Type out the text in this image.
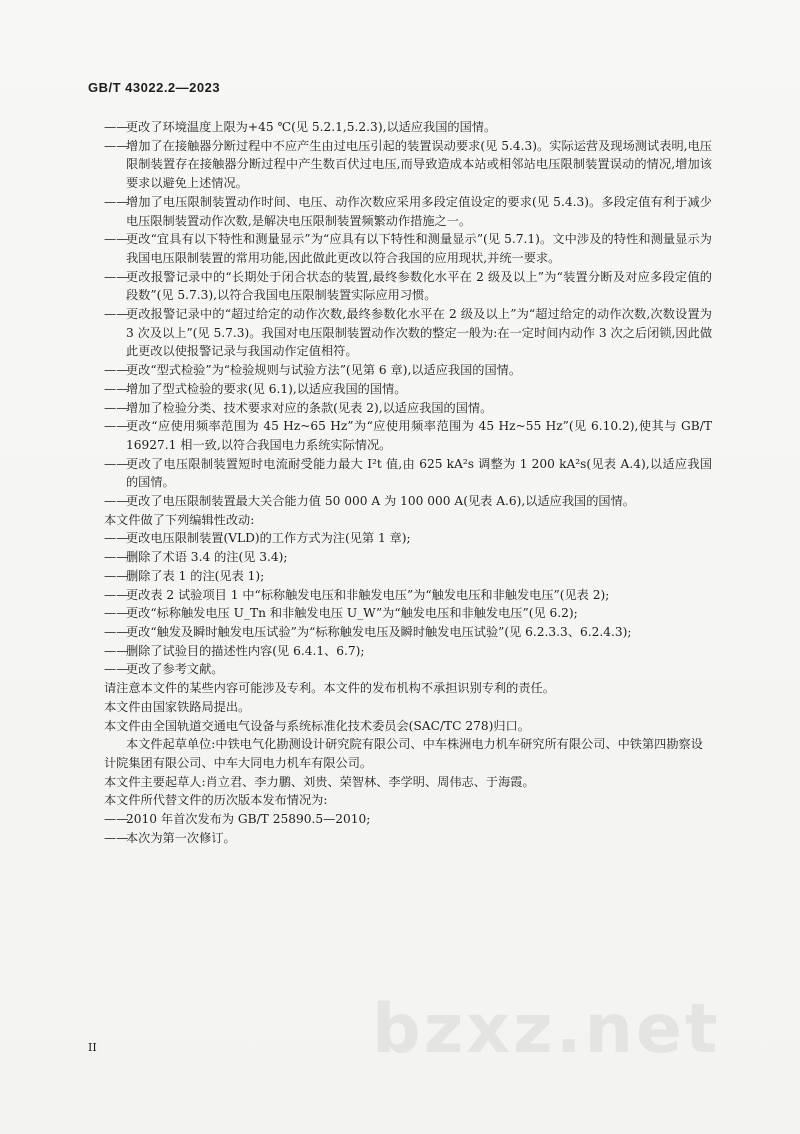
GB/T 43022.2—2023
——
更改了环境温度上限为+45 ℃(见 5.2.1,5.2.3),以适应我国的国情。
——
增加了在接触器分断过程中不应产生由过电压引起的装置误动要求(见 5.4.3)。实际运营及现场测试表明,电压限制装置存在接触器分断过程中产生数百伏过电压,而导致造成本站或相邻站电压限制装置误动的情况,增加该要求以避免上述情况。
——
增加了电压限制装置动作时间、电压、动作次数应采用多段定值设定的要求(见 5.4.3)。多段定值有利于减少电压限制装置动作次数,是解决电压限制装置频繁动作措施之一。
——
更改“宜具有以下特性和测量显示”为“应具有以下特性和测量显示”(见 5.7.1)。文中涉及的特性和测量显示为我国电压限制装置的常用功能,因此做此更改以符合我国的应用现状,并统一要求。
——
更改报警记录中的“长期处于闭合状态的装置,最终参数化水平在 2 级及以上”为“装置分断及对应多段定值的段数”(见 5.7.3),以符合我国电压限制装置实际应用习惯。
——
更改报警记录中的“超过给定的动作次数,最终参数化水平在 2 级及以上”为“超过给定的动作次数,次数设置为 3 次及以上”(见 5.7.3)。我国对电压限制装置动作次数的整定一般为:在一定时间内动作 3 次之后闭锁,因此做此更改以使报警记录与我国动作定值相符。
——
更改“型式检验”为“检验规则与试验方法”(见第 6 章),以适应我国的国情。
——
增加了型式检验的要求(见 6.1),以适应我国的国情。
——
增加了检验分类、技术要求对应的条款(见表 2),以适应我国的国情。
——
更改“应使用频率范围为 45 Hz~65 Hz”为“应使用频率范围为 45 Hz~55 Hz”(见 6.10.2),使其与 GB/T 16927.1 相一致,以符合我国电力系统实际情况。
——
更改了电压限制装置短时电流耐受能力最大 I²t 值,由 625 kA²s 调整为 1 200 kA²s(见表 A.4),以适应我国的国情。
——
更改了电压限制装置最大关合能力值 50 000 A 为 100 000 A(见表 A.6),以适应我国的国情。
本文件做了下列编辑性改动:
——
更改电压限制装置(VLD)的工作方式为注(见第 1 章);
——
删除了术语 3.4 的注(见 3.4);
——
删除了表 1 的注(见表 1);
——
更改表 2 试验项目 1 中“标称触发电压和非触发电压”为“触发电压和非触发电压”(见表 2);
——
更改“标称触发电压 U_Tn 和非触发电压 U_W”为“触发电压和非触发电压”(见 6.2);
——
更改“触发及瞬时触发电压试验”为“标称触发电压及瞬时触发电压试验”(见 6.2.3.3、6.2.4.3);
——
删除了试验目的描述性内容(见 6.4.1、6.7);
——
更改了参考文献。
请注意本文件的某些内容可能涉及专利。本文件的发布机构不承担识别专利的责任。
本文件由国家铁路局提出。
本文件由全国轨道交通电气设备与系统标准化技术委员会(SAC/TC 278)归口。
本文件起草单位:中铁电气化勘测设计研究院有限公司、中车株洲电力机车研究所有限公司、中铁第四勘察设计院集团有限公司、中车大同电力机车有限公司。
本文件主要起草人:肖立君、李力鹏、刘贵、荣智林、李学明、周伟志、于海霞。
本文件所代替文件的历次版本发布情况为:
——
2010 年首次发布为 GB/T 25890.5—2010;
——
本次为第一次修订。
bzxz.net
II
